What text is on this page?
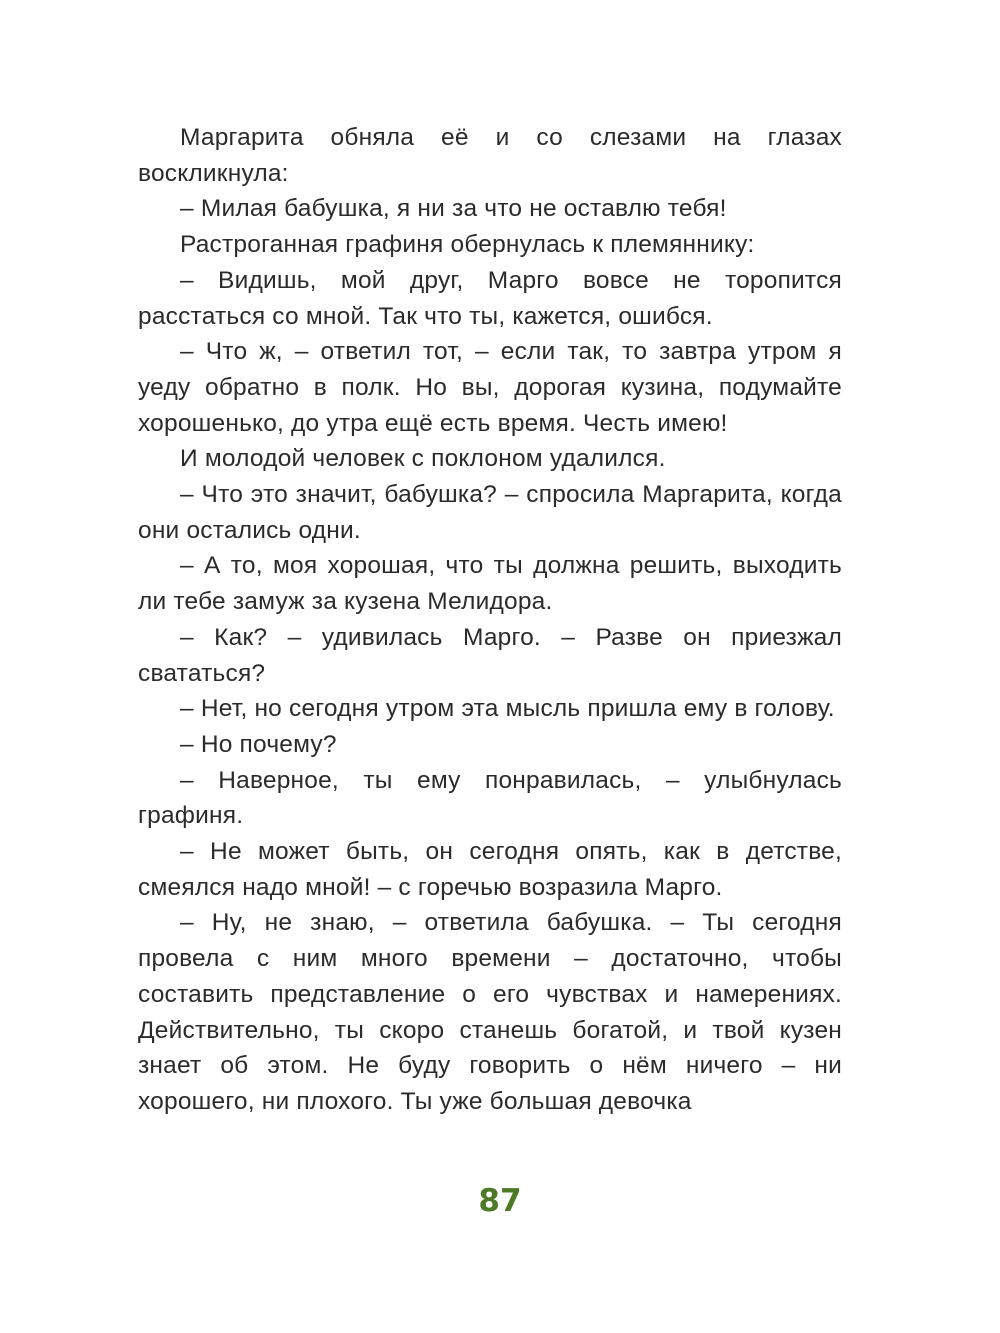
Маргарита обняла её и со слезами на глазах воскликнула:

– Милая бабушка, я ни за что не оставлю тебя!

Растроганная графиня обернулась к племяннику:

– Видишь, мой друг, Марго вовсе не торопится расстаться со мной. Так что ты, кажется, ошибся.

– Что ж, – ответил тот, – если так, то завтра утром я уеду обратно в полк. Но вы, дорогая кузина, подумайте хорошенько, до утра ещё есть время. Честь имею!

И молодой человек с поклоном удалился.

– Что это значит, бабушка? – спросила Маргарита, когда они остались одни.

– А то, моя хорошая, что ты должна решить, выходить ли тебе замуж за кузена Мелидора.

– Как? – удивилась Марго. – Разве он приезжал свататься?

– Нет, но сегодня утром эта мысль пришла ему в голову.

– Но почему?

– Наверное, ты ему понравилась, – улыбнулась графиня.

– Не может быть, он сегодня опять, как в детстве, смеялся надо мной! – с горечью возразила Марго.

– Ну, не знаю, – ответила бабушка. – Ты сегодня провела с ним много времени – достаточно, чтобы составить представление о его чувствах и намерениях. Действительно, ты скоро станешь богатой, и твой кузен знает об этом. Не буду говорить о нём ничего – ни хорошего, ни плохого. Ты уже большая девочка

87
